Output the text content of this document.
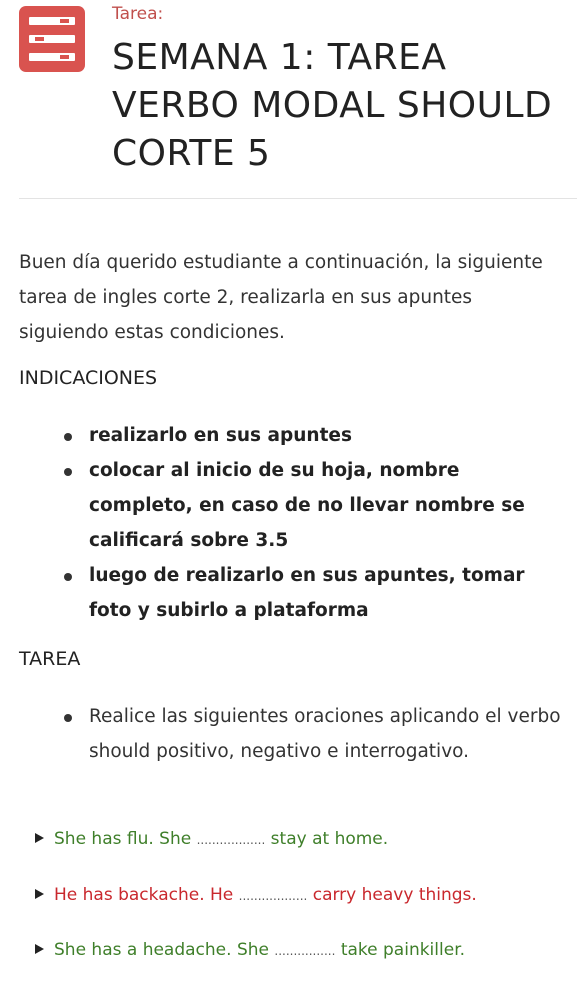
Tarea:
SEMANA 1: TAREA VERBO MODAL SHOULD CORTE 5
Buen día querido estudiante a continuación, la siguiente tarea de ingles corte 2, realizarla en sus apuntes siguiendo estas condiciones.
INDICACIONES
realizarlo en sus apuntes
colocar al inicio de su hoja, nombre completo, en caso de no llevar nombre se calificará sobre 3.5
luego de realizarlo en sus apuntes, tomar foto y subirlo a plataforma
TAREA
Realice las siguientes oraciones aplicando el verbo should positivo, negativo e interrogativo.
She has flu. She .................. stay at home.
He has backache. He .................. carry heavy things.
She has a headache. She ................ take painkiller.
